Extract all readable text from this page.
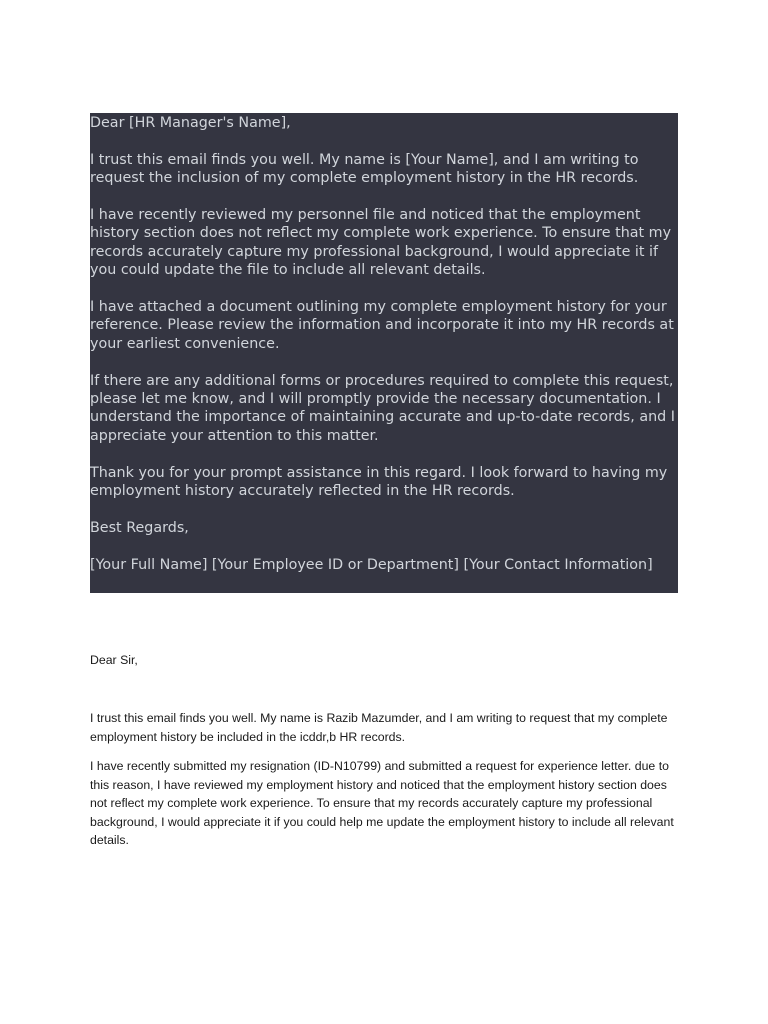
Dear [HR Manager's Name],

I trust this email finds you well. My name is [Your Name], and I am writing to request the inclusion of my complete employment history in the HR records.

I have recently reviewed my personnel file and noticed that the employment history section does not reflect my complete work experience. To ensure that my records accurately capture my professional background, I would appreciate it if you could update the file to include all relevant details.

I have attached a document outlining my complete employment history for your reference. Please review the information and incorporate it into my HR records at your earliest convenience.

If there are any additional forms or procedures required to complete this request, please let me know, and I will promptly provide the necessary documentation. I understand the importance of maintaining accurate and up-to-date records, and I appreciate your attention to this matter.

Thank you for your prompt assistance in this regard. I look forward to having my employment history accurately reflected in the HR records.

Best Regards,

[Your Full Name] [Your Employee ID or Department] [Your Contact Information]

Dear Sir,

I trust this email finds you well. My name is Razib Mazumder, and I am writing to request that my complete employment history be included in the icddr,b HR records.

I have recently submitted my resignation (ID-N10799) and submitted a request for experience letter. due to this reason, I have reviewed my employment history and noticed that the employment history section does not reflect my complete work experience. To ensure that my records accurately capture my professional background, I would appreciate it if you could help me update the employment history to include all relevant details.
